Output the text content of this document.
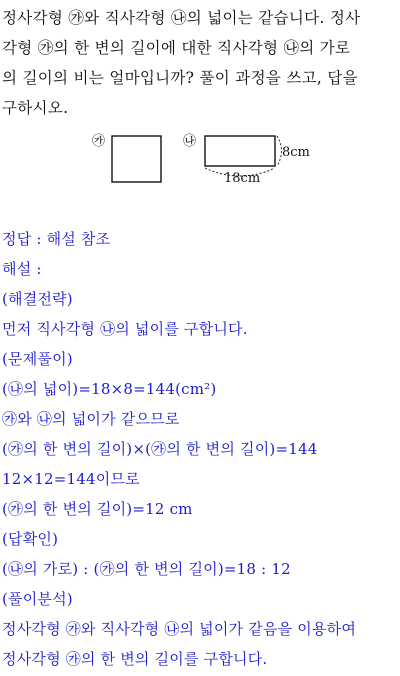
정사각형 ㉮와 직사각형 ㉯의 넓이는 같습니다. 정사
각형 ㉮의 한 변의 길이에 대한 직사각형 ㉯의 가로
의 길이의 비는 얼마입니까? 풀이 과정을 쓰고, 답을
구하시오.
㉮	㉯
8cm
18cm
정답 : 해설 참조
해설 :
(해결전략)
먼저 직사각형 ㉯의 넓이를 구합니다.
(문제풀이)
(㉯의 넓이)=18×8=144(cm²)
㉮와 ㉯의 넓이가 같으므로
(㉮의 한 변의 길이)×(㉮의 한 변의 길이)=144
12×12=144이므로
(㉮의 한 변의 길이)=12 cm
(답확인)
(㉯의 가로) : (㉮의 한 변의 길이)=18 : 12
(풀이분석)
정사각형 ㉮와 직사각형 ㉯의 넓이가 같음을 이용하여
정사각형 ㉮의 한 변의 길이를 구합니다.
